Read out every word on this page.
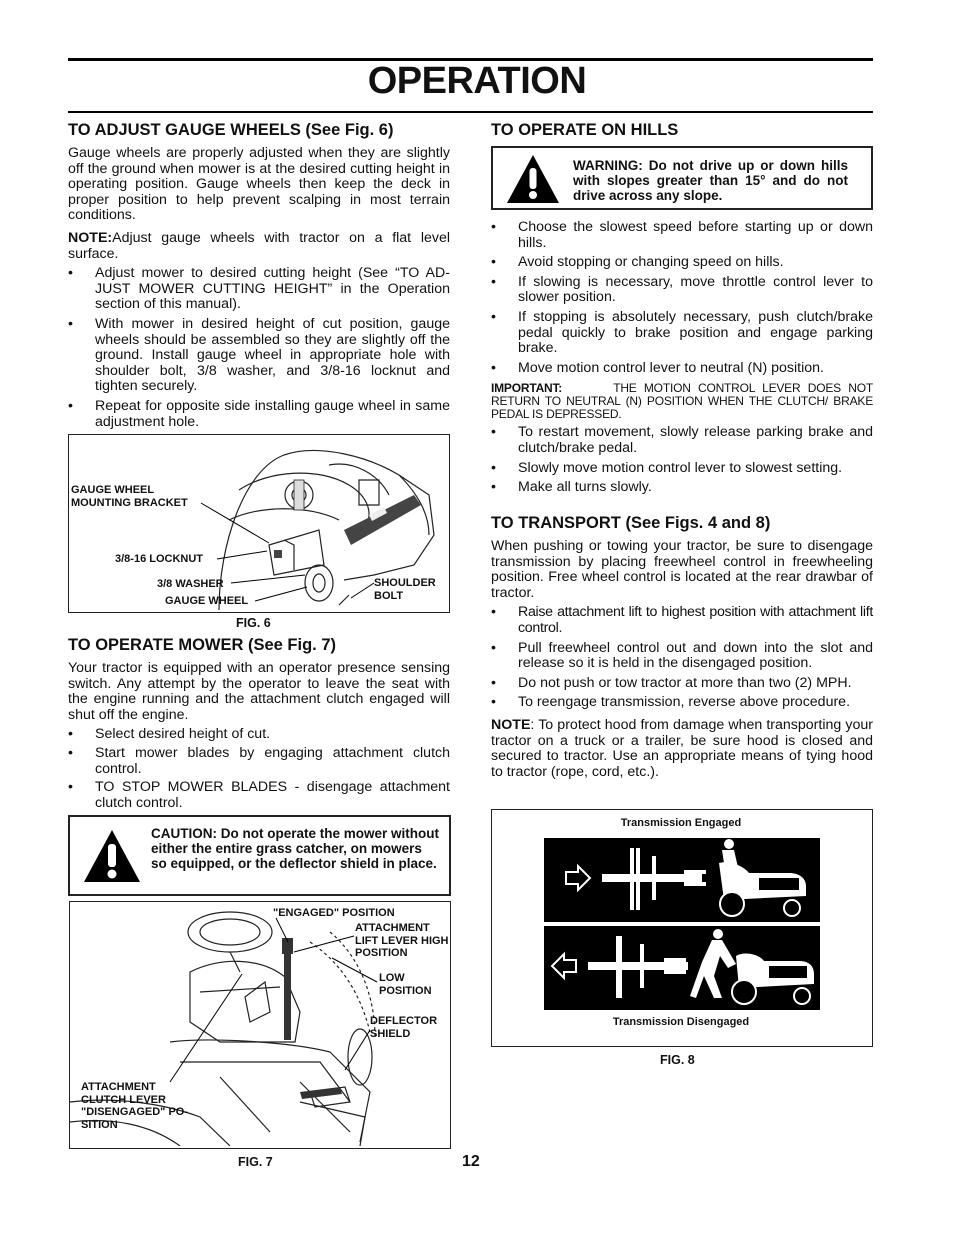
OPERATION
TO ADJUST GAUGE WHEELS (See Fig. 6)

Gauge wheels are properly adjusted when they are slightly off the ground when mower is at the desired cutting height in operating position. Gauge wheels then keep the deck in proper position to help prevent scalping in most terrain conditions.

NOTE:Adjust gauge wheels with tractor on a flat level surface.

• Adjust mower to desired cutting height (See “TO AD-JUST MOWER CUTTING HEIGHT” in the Operation section of this manual).
• With mower in desired height of cut position, gauge wheels should be assembled so they are slightly off the ground. Install gauge wheel in appropriate hole with shoulder bolt, 3/8 washer, and 3/8-16 locknut and tighten securely.
• Repeat for opposite side installing gauge wheel in same adjustment hole.
GAUGE WHEEL MOUNTING BRACKET
3/8-16 LOCKNUT
3/8 WASHER
GAUGE WHEEL
SHOULDER BOLT
FIG. 6
TO OPERATE MOWER (See Fig. 7)

Your tractor is equipped with an operator presence sensing switch. Any attempt by the operator to leave the seat with the engine running and the attachment clutch engaged will shut off the engine.

• Select desired height of cut.
• Start mower blades by engaging attachment clutch control.
• TO STOP MOWER BLADES - disengage attachment clutch control.
CAUTION: Do not operate the mower without either the entire grass catcher, on mowers so equipped, or the deflector shield in place.
"ENGAGED" POSITION
ATTACHMENT LIFT LEVER HIGH POSITION
LOW POSITION
DEFLECTOR SHIELD
ATTACHMENT CLUTCH LEVER "DISENGAGED" PO-SITION
FIG. 7	12
TO OPERATE ON HILLS
WARNING: Do not drive up or down hills with slopes greater than 15° and do not drive across any slope.
• Choose the slowest speed before starting up or down hills.
• Avoid stopping or changing speed on hills.
• If slowing is necessary, move throttle control lever to slower position.
• If stopping is absolutely necessary, push clutch/brake pedal quickly to brake position and engage parking brake.
• Move motion control lever to neutral (N) position.

IMPORTANT:	THE MOTION CONTROL LEVER DOES NOT RETURN TO NEUTRAL (N) POSITION WHEN THE CLUTCH/ BRAKE PEDAL IS DEPRESSED.

• To restart movement, slowly release parking brake and clutch/brake pedal.
• Slowly move motion control lever to slowest setting.
• Make all turns slowly.
TO TRANSPORT (See Figs. 4 and 8)

When pushing or towing your tractor, be sure to disengage transmission by placing freewheel control in freewheeling position. Free wheel control is located at the rear drawbar of tractor.

• Raise attachment lift to highest position with attachment lift control.
• Pull freewheel control out and down into the slot and release so it is held in the disengaged position.
• Do not push or tow tractor at more than two (2) MPH.
• To reengage transmission, reverse above procedure.

NOTE: To protect hood from damage when transporting your tractor on a truck or a trailer, be sure hood is closed and secured to tractor. Use an appropriate means of tying hood to tractor (rope, cord, etc.).

Transmission Engaged
Transmission Disengaged
FIG. 8
